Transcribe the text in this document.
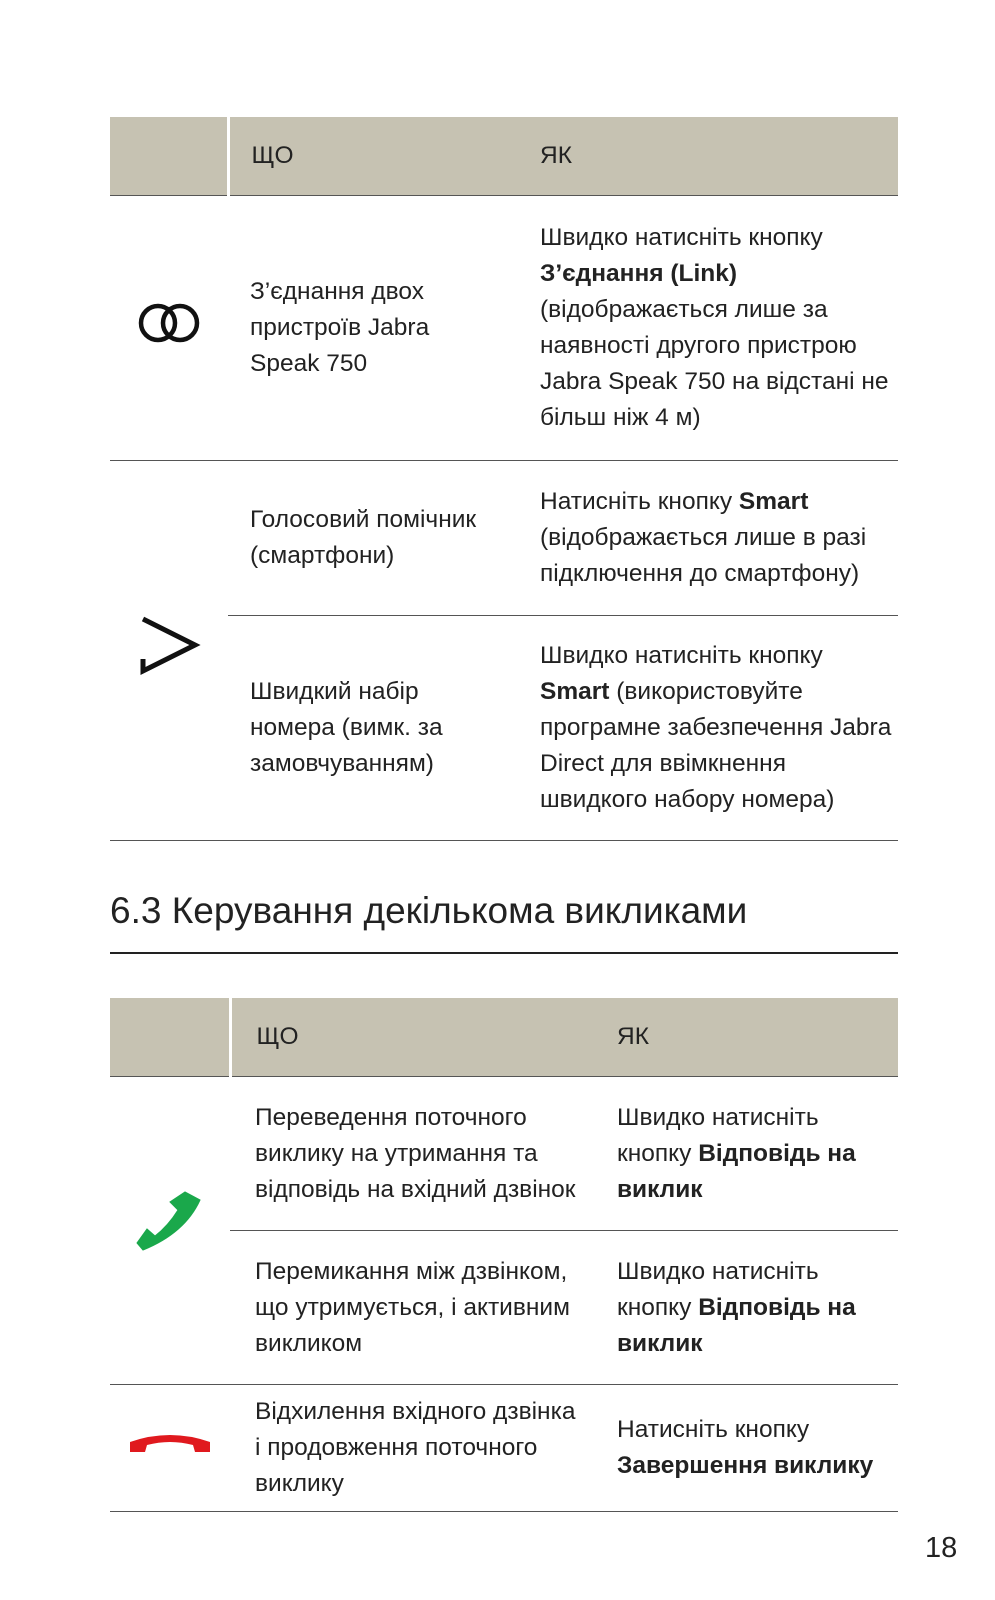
	ЩО	ЯК
	З’єднання двох пристроїв Jabra Speak 750	Швидко натисніть кнопку З’єднання (Link) (відображається лише за наявності другого пристрою Jabra Speak 750 на відстані не більш ніж 4 м)
	Голосовий помічник (смартфони)	Натисніть кнопку Smart (відображається лише в разі підключення до смартфону)
	Швидкий набір номера (вимк. за замовчуванням)	Швидко натисніть кнопку Smart (використовуйте програмне забезпечення Jabra Direct для ввімкнення швидкого набору номера)
6.3 Керування декількома викликами
	ЩО	ЯК
	Переведення поточного виклику на утримання та відповідь на вхідний дзвінок	Швидко натисніть кнопку Відповідь на виклик
	Перемикання між дзвінком, що утримується, і активним викликом	Швидко натисніть кнопку Відповідь на виклик
	Відхилення вхідного дзвінка і продовження поточного виклику	Натисніть кнопку Завершення виклику
18
